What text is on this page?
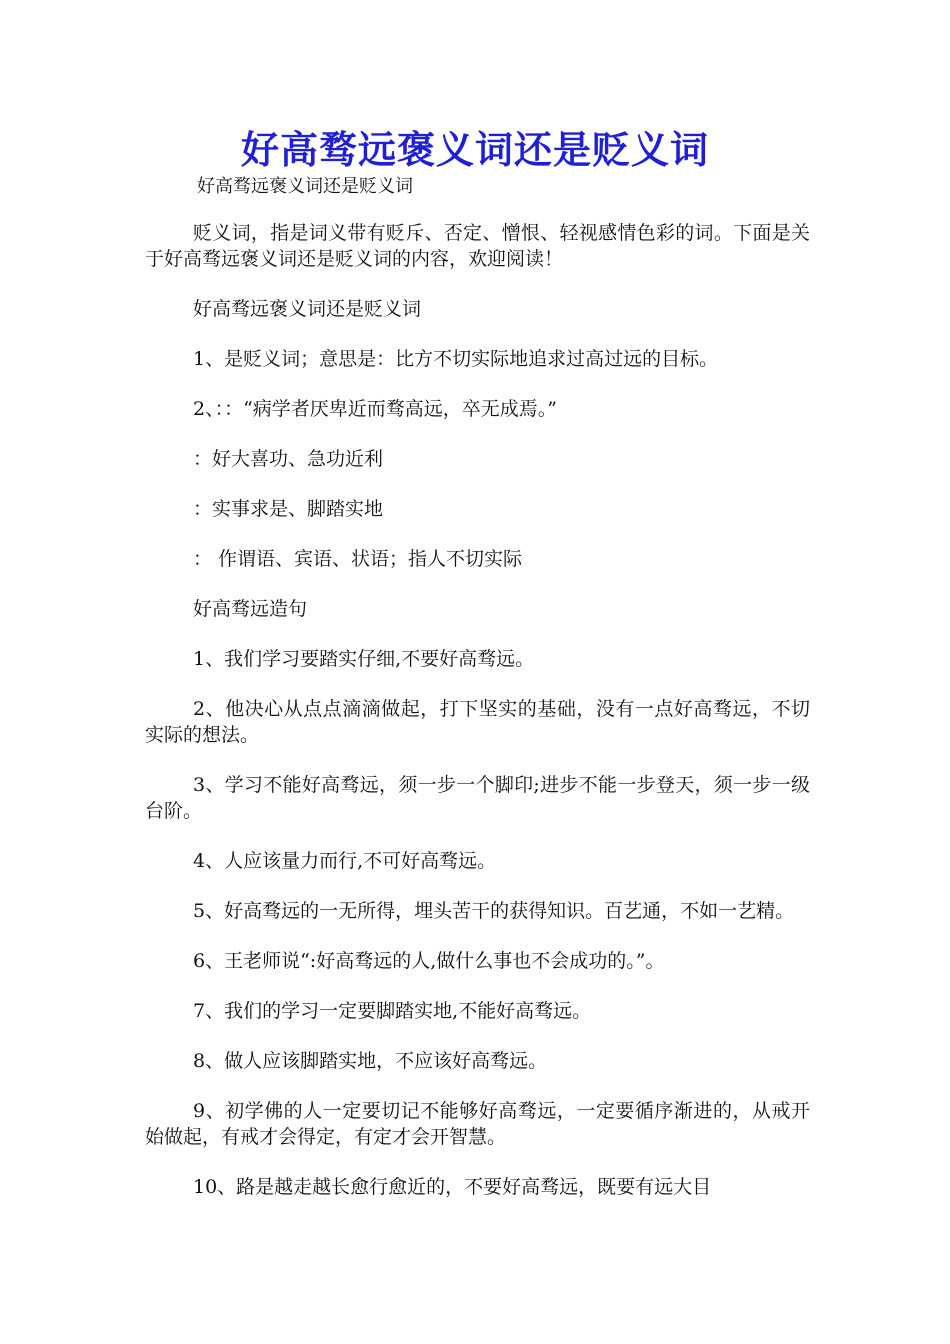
好高骛远褒义词还是贬义词
好高骛远褒义词还是贬义词

贬义词，指是词义带有贬斥、否定、憎恨、轻视感情色彩的词。下面是关于好高骛远褒义词还是贬义词的内容，欢迎阅读！

好高骛远褒义词还是贬义词

1、是贬义词；意思是：比方不切实际地追求过高过远的目标。

2、：：“病学者厌卑近而骛高远，卒无成焉。”

：好大喜功、急功近利

：实事求是、脚踏实地

： 作谓语、宾语、状语；指人不切实际

好高骛远造句

1、我们学习要踏实仔细,不要好高骛远。

2、他决心从点点滴滴做起，打下坚实的基础，没有一点好高骛远，不切实际的想法。

3、学习不能好高骛远，须一步一个脚印;进步不能一步登天，须一步一级台阶。

4、人应该量力而行,不可好高骛远。

5、好高骛远的一无所得，埋头苦干的获得知识。百艺通，不如一艺精。

6、王老师说“:好高骛远的人,做什么事也不会成功的。”。

7、我们的学习一定要脚踏实地,不能好高骛远。

8、做人应该脚踏实地，不应该好高骛远。

9、初学佛的人一定要切记不能够好高骛远，一定要循序渐进的，从戒开始做起，有戒才会得定，有定才会开智慧。

10、路是越走越长愈行愈近的，不要好高骛远，既要有远大目
